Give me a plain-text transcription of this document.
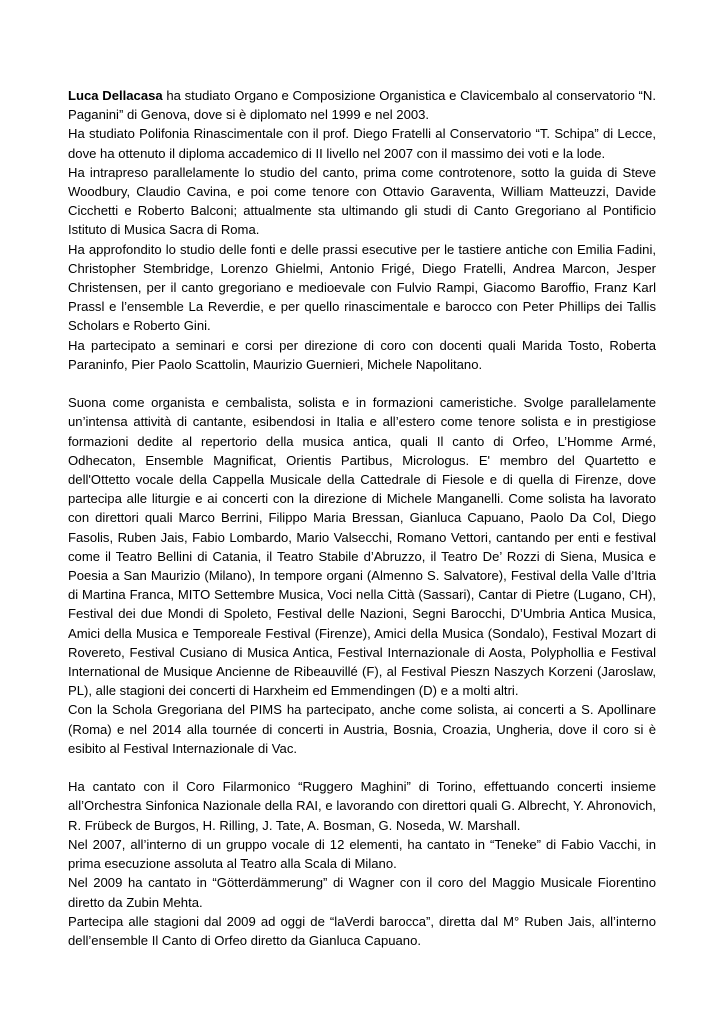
Luca Dellacasa ha studiato Organo e Composizione Organistica e Clavicembalo al conservatorio “N. Paganini” di Genova, dove si è diplomato nel 1999 e nel 2003.

Ha studiato Polifonia Rinascimentale con il prof. Diego Fratelli al Conservatorio “T. Schipa” di Lecce, dove ha ottenuto il diploma accademico di II livello nel 2007 con il massimo dei voti e la lode.

Ha intrapreso parallelamente lo studio del canto, prima come controtenore, sotto la guida di Steve Woodbury, Claudio Cavina, e poi come tenore con Ottavio Garaventa, William Matteuzzi, Davide Cicchetti e Roberto Balconi; attualmente sta ultimando gli studi di Canto Gregoriano al Pontificio Istituto di Musica Sacra di Roma.

Ha approfondito lo studio delle fonti e delle prassi esecutive per le tastiere antiche con Emilia Fadini, Christopher Stembridge, Lorenzo Ghielmi, Antonio Frigé, Diego Fratelli, Andrea Marcon, Jesper Christensen, per il canto gregoriano e medioevale con Fulvio Rampi, Giacomo Baroffio, Franz Karl Prassl e l’ensemble La Reverdie, e per quello rinascimentale e barocco con Peter Phillips dei Tallis Scholars e Roberto Gini.

Ha partecipato a seminari e corsi per direzione di coro con docenti quali Marida Tosto, Roberta Paraninfo, Pier Paolo Scattolin, Maurizio Guernieri, Michele Napolitano.

Suona come organista e cembalista, solista e in formazioni cameristiche. Svolge parallelamente un’intensa attività di cantante, esibendosi in Italia e all’estero come tenore solista e in prestigiose formazioni dedite al repertorio della musica antica, quali Il canto di Orfeo, L’Homme Armé, Odhecaton, Ensemble Magnificat, Orientis Partibus, Micrologus. E' membro del Quartetto e dell'Ottetto vocale della Cappella Musicale della Cattedrale di Fiesole e di quella di Firenze, dove partecipa alle liturgie e ai concerti con la direzione di Michele Manganelli. Come solista ha lavorato con direttori quali Marco Berrini, Filippo Maria Bressan, Gianluca Capuano, Paolo Da Col, Diego Fasolis, Ruben Jais, Fabio Lombardo, Mario Valsecchi, Romano Vettori, cantando per enti e festival come il Teatro Bellini di Catania, il Teatro Stabile d’Abruzzo, il Teatro De’ Rozzi di Siena, Musica e Poesia a San Maurizio (Milano), In tempore organi (Almenno S. Salvatore), Festival della Valle d’Itria di Martina Franca, MITO Settembre Musica, Voci nella Città (Sassari), Cantar di Pietre (Lugano, CH), Festival dei due Mondi di Spoleto, Festival delle Nazioni, Segni Barocchi, D’Umbria Antica Musica, Amici della Musica e Temporeale Festival (Firenze), Amici della Musica (Sondalo), Festival Mozart di Rovereto, Festival Cusiano di Musica Antica, Festival Internazionale di Aosta, Polyphollia e Festival International de Musique Ancienne de Ribeauvillé (F), al Festival Pieszn Naszych Korzeni (Jaroslaw, PL), alle stagioni dei concerti di Harxheim ed Emmendingen (D) e a molti altri.

Con la Schola Gregoriana del PIMS ha partecipato, anche come solista, ai concerti a S. Apollinare (Roma) e nel 2014 alla tournée di concerti in Austria, Bosnia, Croazia, Ungheria, dove il coro si è esibito al Festival Internazionale di Vac.

Ha cantato con il Coro Filarmonico “Ruggero Maghini” di Torino, effettuando concerti insieme all’Orchestra Sinfonica Nazionale della RAI, e lavorando con direttori quali G. Albrecht, Y. Ahronovich, R. Frübeck de Burgos, H. Rilling, J. Tate, A. Bosman, G. Noseda, W. Marshall.

Nel 2007, all’interno di un gruppo vocale di 12 elementi, ha cantato in “Teneke” di Fabio Vacchi, in prima esecuzione assoluta al Teatro alla Scala di Milano.

Nel 2009 ha cantato in “Götterdämmerung” di Wagner con il coro del Maggio Musicale Fiorentino diretto da Zubin Mehta.

Partecipa alle stagioni dal 2009 ad oggi de “laVerdi barocca”, diretta dal M° Ruben Jais, all’interno dell’ensemble Il Canto di Orfeo diretto da Gianluca Capuano.
